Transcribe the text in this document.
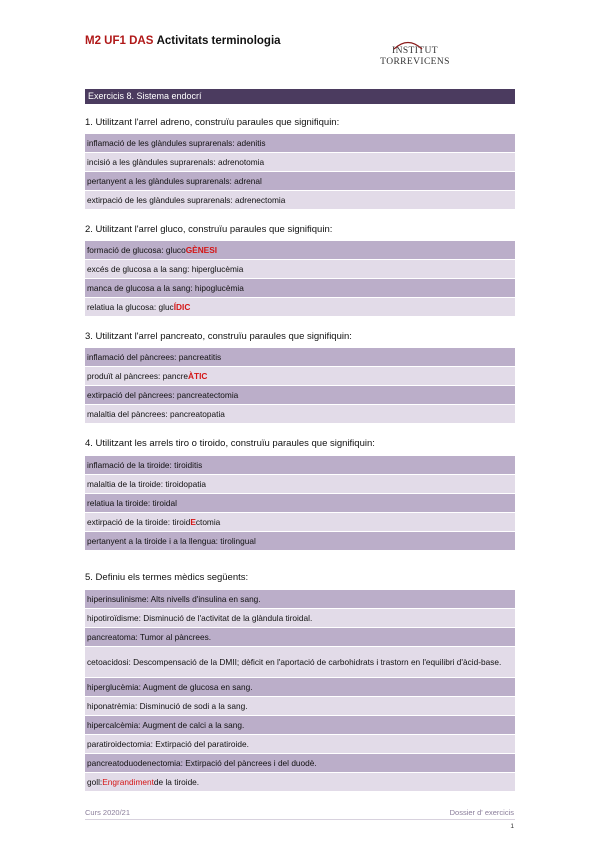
M2 UF1 DAS Activitats terminologia
INSTITUT
TORREVICENS
Exercicis 8. Sistema endocrí
1. Utilitzant l'arrel adreno, construïu paraules que signifiquin:
inflamació de les glàndules suprarenals: adenitis
incisió a les glàndules suprarenals: adrenotomia
pertanyent a les glàndules suprarenals: adrenal
extirpació de les glàndules suprarenals: adrenectomia
2. Utilitzant l'arrel gluco, construïu paraules que signifiquin:
formació de glucosa: gluco GÈNESI
excés de glucosa a la sang: hiperglucèmia
manca de glucosa a la sang: hipoglucèmia
relatiua la glucosa: gluc ÍDIC
3. Utilitzant l'arrel pancreato, construïu paraules que signifiquin:
inflamació del pàncrees: pancreatitis
produït al pàncrees: pancre ÀTIC
extirpació del pàncrees: pancreatectomia
malaltia del pàncrees: pancreatopatia
4. Utilitzant les arrels tiro o tiroido, construïu paraules que signifiquin:
inflamació de la tiroide: tiroiditis
malaltia de la tiroide: tiroidopatia
relatiua la tiroide: tiroidal
extirpació de la tiroide: tiroid E ctomia
pertanyent a la tiroide i a la llengua: tirolingual
5. Definiu els termes mèdics següents:
hiperinsulinisme: Alts nivells d'insulina en sang.
hipotiroïdisme: Disminució de l'activitat de la glàndula tiroidal.
pancreatoma: Tumor al pàncrees.
cetoacidosi: Descompensació de la DMII; dèficit en l'aportació de carbohidrats i trastorn en l'equilibri d'àcid-base.
hiperglucèmia: Augment de glucosa en sang.
hiponatrèmia: Disminució de sodi a la sang.
hipercalcèmia: Augment de calci a la sang.
paratiroidectomia: Extirpació del paratiroide.
pancreatoduodenectomia: Extirpació del pàncrees i del duodè.
goll: Engrandiment de la tiroide.
Curs 2020/21	Dossier d' exercicis
1
